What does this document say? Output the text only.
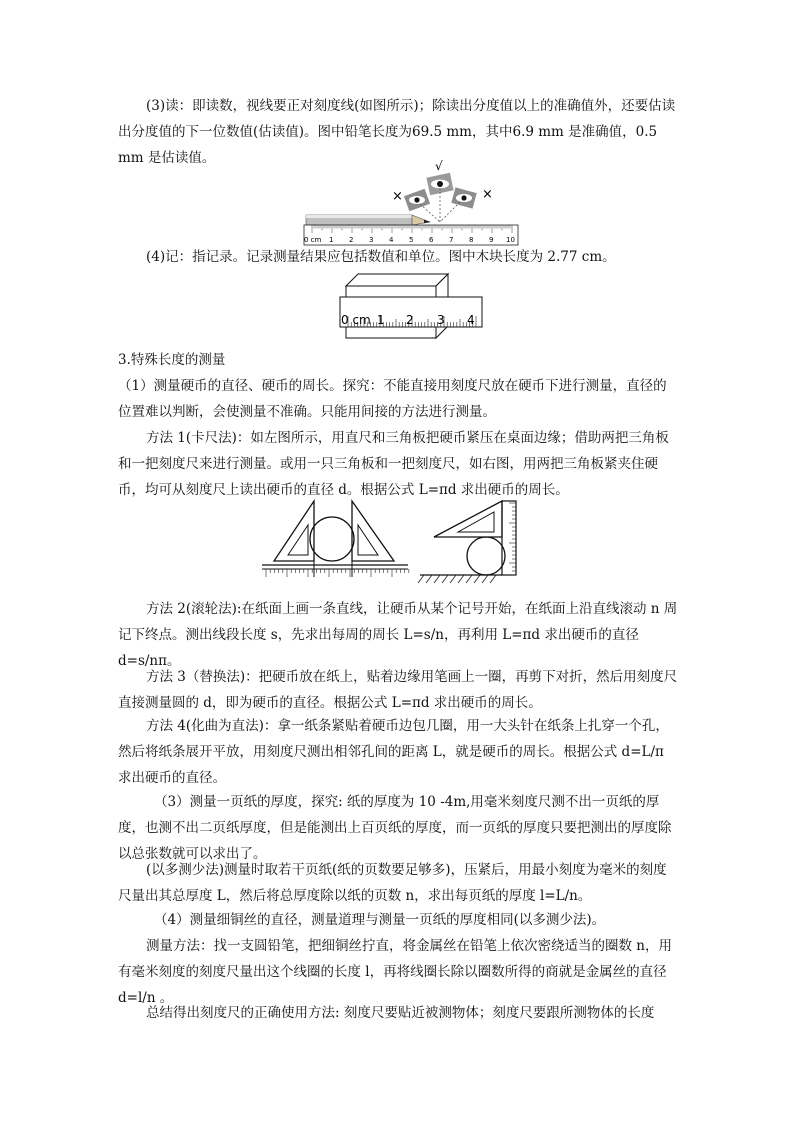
(3)读：即读数，视线要正对刻度线(如图所示)；除读出分度值以上的准确值外，还要估读出分度值的下一位数值(估读值)。图中铅笔长度为69.5 mm，其中6.9 mm 是准确值，0.5 mm 是估读值。	√
×	×
0 cm 1 2 3 4 5 6 7 8 9 10

(4)记：指记录。记录测量结果应包括数值和单位。图中木块长度为 2.77 cm。

0 cm 1 2 3 4
3.特殊长度的测量

（1）测量硬币的直径、硬币的周长。探究：不能直接用刻度尺放在硬币下进行测量，直径的位置难以判断，会使测量不准确。只能用间接的方法进行测量。

方法 1(卡尺法)：如左图所示，用直尺和三角板把硬币紧压在桌面边缘；借助两把三角板和一把刻度尺来进行测量。或用一只三角板和一把刻度尺，如右图，用两把三角板紧夹住硬币，均可从刻度尺上读出硬币的直径 d。根据公式 L=πd 求出硬币的周长。

方法 2(滚轮法):在纸面上画一条直线，让硬币从某个记号开始，在纸面上沿直线滚动 n 周记下终点。测出线段长度 s，先求出每周的周长 L=s/n，再利用 L=πd 求出硬币的直径 d=s/nπ。

方法 3（替换法)：把硬币放在纸上，贴着边缘用笔画上一圈，再剪下对折，然后用刻度尺直接测量圆的 d，即为硬币的直径。根据公式 L=πd 求出硬币的周长。

方法 4(化曲为直法)：拿一纸条紧贴着硬币边包几圈，用一大头针在纸条上扎穿一个孔，然后将纸条展开平放，用刻度尺测出相邻孔间的距离 L，就是硬币的周长。根据公式 d=L/π 求出硬币的直径。

（3）测量一页纸的厚度，探究: 纸的厚度为 10 -4m,用毫米刻度尺测不出一页纸的厚度，也测不出二页纸厚度，但是能测出上百页纸的厚度，而一页纸的厚度只要把测出的厚度除以总张数就可以求出了。

(以多测少法)测量时取若干页纸(纸的页数要足够多)，压紧后，用最小刻度为毫米的刻度尺量出其总厚度 L，然后将总厚度除以纸的页数 n，求出每页纸的厚度 l=L/n。

（4）测量细铜丝的直径，测量道理与测量一页纸的厚度相同(以多测少法)。

测量方法：找一支圆铅笔，把细铜丝拧直，将金属丝在铅笔上依次密绕适当的圈数 n，用有毫米刻度的刻度尺量出这个线圈的长度 l，再将线圈长除以圈数所得的商就是金属丝的直径 d=l/n 。

总结得出刻度尺的正确使用方法: 刻度尺要贴近被测物体；刻度尺要跟所测物体的长度
